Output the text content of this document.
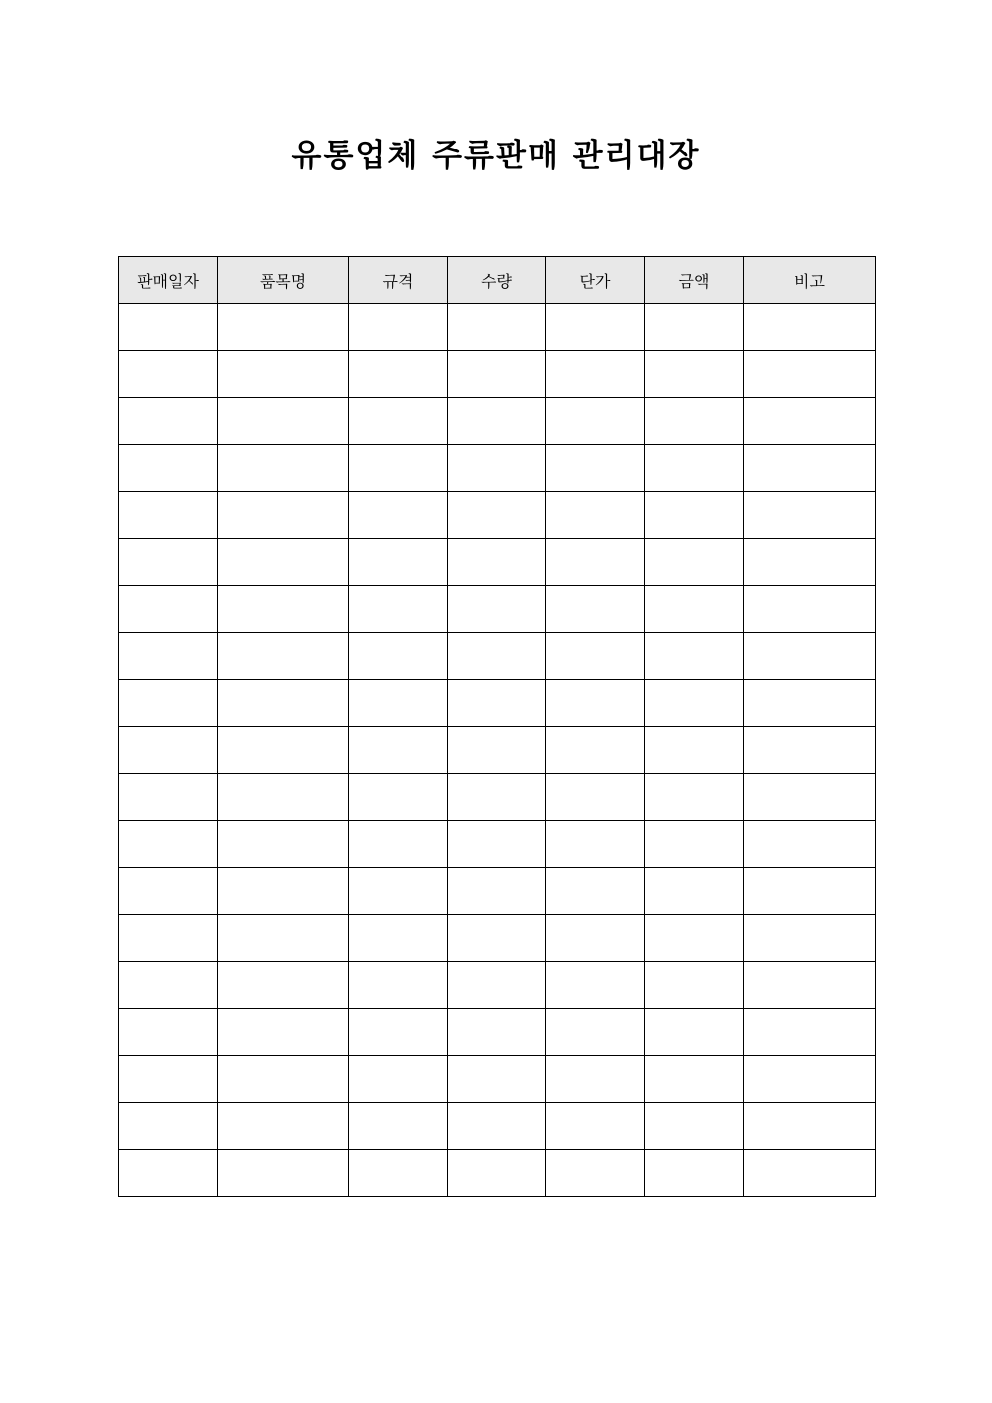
유통업체 주류판매 관리대장
판매일자	품목명	규격	수량	단가	금액	비고
